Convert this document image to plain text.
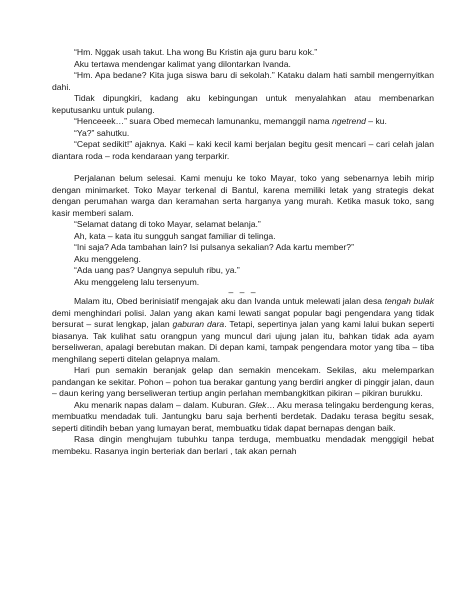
“Hm. Nggak usah takut. Lha wong Bu Kristin aja guru baru kok.”

Aku tertawa mendengar kalimat yang dilontarkan Ivanda.

“Hm. Apa bedane? Kita juga siswa baru di sekolah.” Kataku dalam hati sambil mengernyitkan dahi.

Tidak dipungkiri, kadang aku kebingungan untuk menyalahkan atau membenarkan keputusanku untuk pulang.

“Henceeek…” suara Obed memecah lamunanku, memanggil nama ngetrend – ku.

“Ya?” sahutku.

“Cepat sedikit!” ajaknya. Kaki – kaki kecil kami berjalan begitu gesit mencari – cari celah jalan diantara roda – roda kendaraan yang terparkir.

Perjalanan belum selesai. Kami menuju ke toko Mayar, toko yang sebenarnya lebih mirip dengan minimarket. Toko Mayar terkenal di Bantul, karena memiliki letak yang strategis dekat dengan perumahan warga dan keramahan serta harganya yang murah. Ketika masuk toko, sang kasir memberi salam.

“Selamat datang di toko Mayar, selamat belanja.”

Ah, kata – kata itu sungguh sangat familiar di telinga.

“Ini saja? Ada tambahan lain? Isi pulsanya sekalian? Ada kartu member?”

Aku menggeleng.

“Ada uang pas? Uangnya sepuluh ribu, ya.”

Aku menggeleng lalu tersenyum.

– – –

Malam itu, Obed berinisiatif mengajak aku dan Ivanda untuk melewati jalan desa tengah bulak demi menghindari polisi. Jalan yang akan kami lewati sangat popular bagi pengendara yang tidak bersurat – surat lengkap, jalan gaburan dara. Tetapi, sepertinya jalan yang kami lalui bukan seperti biasanya. Tak kulihat satu orangpun yang muncul dari ujung jalan itu, bahkan tidak ada ayam berseliweran, apalagi berebutan makan. Di depan kami, tampak pengendara motor yang tiba – tiba menghilang seperti ditelan gelapnya malam.

Hari pun semakin beranjak gelap dan semakin mencekam. Sekilas, aku melemparkan pandangan ke sekitar. Pohon – pohon tua berakar gantung yang berdiri angker di pinggir jalan, daun – daun kering yang berseliweran tertiup angin perlahan membangkitkan pikiran – pikiran burukku.

Aku menarik napas dalam – dalam. Kuburan. Glek… Aku merasa telingaku berdengung keras, membuatku mendadak tuli. Jantungku baru saja berhenti berdetak. Dadaku terasa begitu sesak, seperti ditindih beban yang lumayan berat, membuatku tidak dapat bernapas dengan baik.

Rasa dingin menghujam tubuhku tanpa terduga, membuatku mendadak menggigil hebat membeku. Rasanya ingin berteriak dan berlari , tak akan pernah
